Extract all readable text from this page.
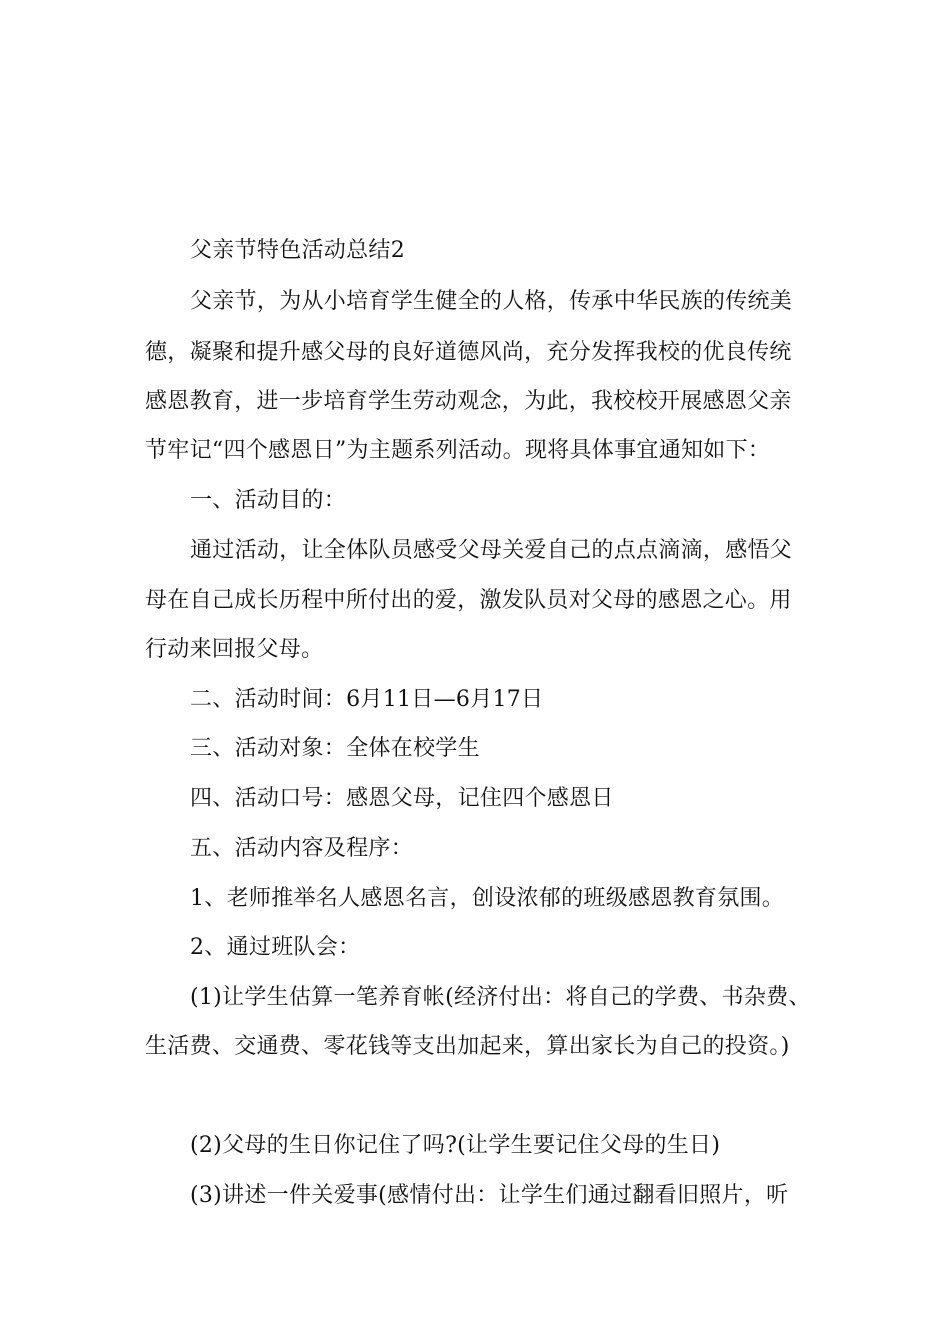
父亲节特色活动总结2
父亲节，为从小培育学生健全的人格，传承中华民族的传统美
德，凝聚和提升感父母的良好道德风尚，充分发挥我校的优良传统
感恩教育，进一步培育学生劳动观念，为此，我校校开展感恩父亲
节牢记“四个感恩日”为主题系列活动。现将具体事宜通知如下：
一、活动目的：
通过活动，让全体队员感受父母关爱自己的点点滴滴，感悟父
母在自己成长历程中所付出的爱，激发队员对父母的感恩之心。用
行动来回报父母。
二、活动时间：6月11日—6月17日
三、活动对象：全体在校学生
四、活动口号：感恩父母，记住四个感恩日
五、活动内容及程序：
1、老师推举名人感恩名言，创设浓郁的班级感恩教育氛围。
2、通过班队会：
(1)让学生估算一笔养育帐(经济付出：将自己的学费、书杂费、
生活费、交通费、零花钱等支出加起来，算出家长为自己的投资。)
(2)父母的生日你记住了吗?(让学生要记住父母的生日)
(3)讲述一件关爱事(感情付出：让学生们通过翻看旧照片，听
